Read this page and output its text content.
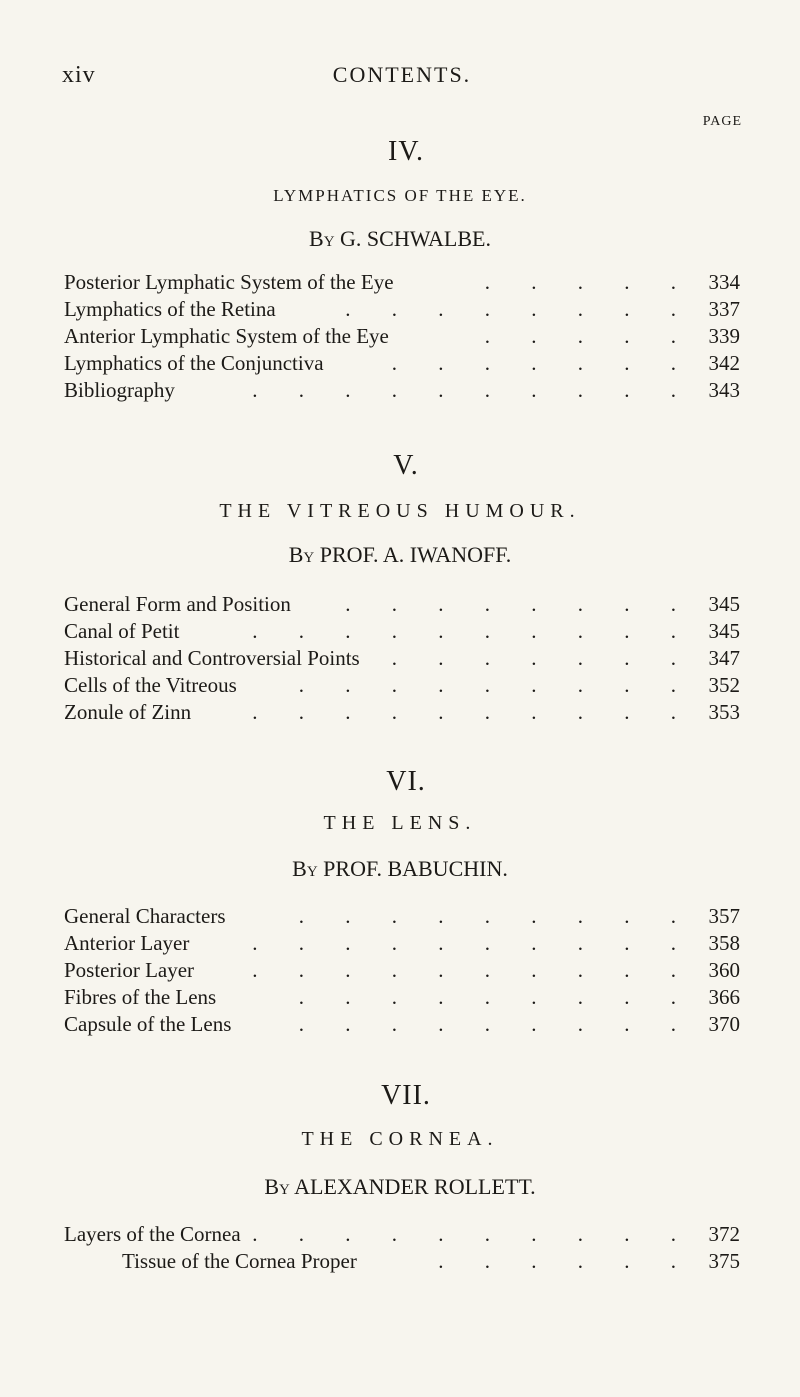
xiv	CONTENTS.
PAGE
IV.
LYMPHATICS OF THE EYE.
By G. SCHWALBE.
Posterior Lymphatic System of the Eye	. . . . . 334
Lymphatics of the Retina	. . . . . . . . 337
Anterior Lymphatic System of the Eye	. . . . . 339
Lymphatics of the Conjunctiva	. . . . . . . 342
Bibliography	. . . . . . . . . . 343
V.
THE VITREOUS HUMOUR.
By PROF. A. IWANOFF.
General Form and Position	. . . . . . . . 345
Canal of Petit	. . . . . . . . . . 345
Historical and Controversial Points . . . . . . . 347
Cells of the Vitreous	. . . . . . . . . 352
Zonule of Zinn	. . . . . . . . . . 353
VI.
THE LENS.
By PROF. BABUCHIN.
General Characters	. . . . . . . . . 357
Anterior Layer	. . . . . . . . . . 358
Posterior Layer	. . . . . . . . . . 360
Fibres of the Lens	. . . . . . . . . 366
Capsule of the Lens	. . . . . . . . . 370
VII.
THE CORNEA.
By ALEXANDER ROLLETT.
Layers of the Cornea . . . . . . . . . . 372
Tissue of the Cornea Proper	. . . . . . 375
